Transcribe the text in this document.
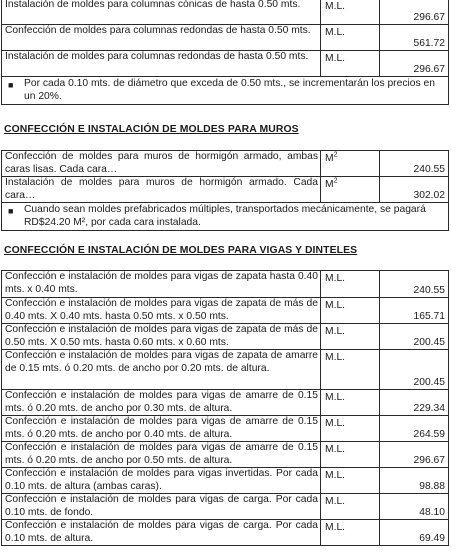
Instalación de moldes para columnas cónicas de hasta 0.50 mts.	M.L.	296.67
Confección de moldes para columnas redondas de hasta 0.50 mts.	M.L.	561.72
Instalación de moldes para columnas redondas de hasta 0.50 mts.	M.L.	296.67
■ Por cada 0.10 mts. de diámetro que exceda de 0.50 mts., se incrementarán los precios en un 20%.
CONFECCIÓN E INSTALACIÓN DE MOLDES PARA MUROS
Confección de moldes para muros de hormigón armado, ambas caras lisas. Cada cara…	$M^2$	240.55
Instalación de moldes para muros de hormigón armado. Cada cara…	$M^2$	302.02
■ Cuando sean moldes prefabricados múltiples, transportados mecánicamente, se pagará RD$24.20 M², por cada cara instalada.
CONFECCIÓN E INSTALACIÓN DE MOLDES PARA VIGAS Y DINTELES
Confección e instalación de moldes para vigas de zapata hasta 0.40 mts. x 0.40 mts.	M.L.	240.55
Confección e instalación de moldes para vigas de zapata de más de 0.40 mts. X 0.40 mts. hasta 0.50 mts. x 0.50 mts.	M.L.	165.71
Confección e instalación de moldes para vigas de zapata de más de 0.50 mts. X 0.50 mts. hasta 0.60 mts. x 0.60 mts.	M.L.	200.45
Confección e instalación de moldes para vigas de zapata de amarre de 0.15 mts. ó 0.20 mts. de ancho por 0.20 mts. de altura.	M.L.	200.45
Confección e instalación de moldes para vigas de amarre de 0.15 mts. ó 0.20 mts. de ancho por 0.30 mts. de altura.	M.L.	229.34
Confección e instalación de moldes para vigas de amarre de 0.15 mts. ó 0.20 mts. de ancho por 0.40 mts. de altura.	M.L.	264.59
Confección e instalación de moldes para vigas de amarre de 0.15 mts. ó 0.20 mts. de ancho por 0.50 mts. de altura.	M.L.	296.67
Confección e instalación de moldes para vigas invertidas. Por cada 0.10 mts. de altura (ambas caras).	M.L.	98.88
Confección e instalación de moldes para vigas de carga. Por cada 0.10 mts. de fondo.	M.L.	48.10
Confección e instalación de moldes para vigas de carga. Por cada 0.10 mts. de altura.	M.L.	69.49
